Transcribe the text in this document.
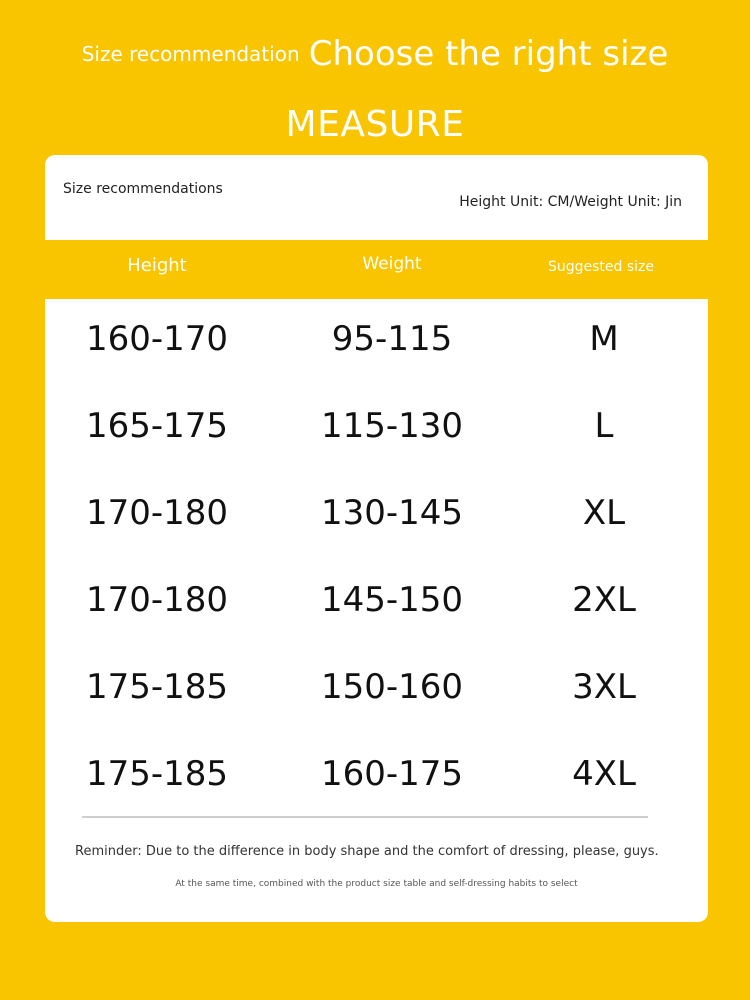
Size recommendation Choose the right size
MEASURE
Size recommendations
Height Unit: CM/Weight Unit: Jin
Height	Weight	Suggested size
160-170	95-115	M
165-175	115-130	L
170-180	130-145	XL
170-180	145-150	2XL
175-185	150-160	3XL
175-185	160-175	4XL
Reminder: Due to the difference in body shape and the comfort of dressing, please, guys.
At the same time, combined with the product size table and self-dressing habits to select
